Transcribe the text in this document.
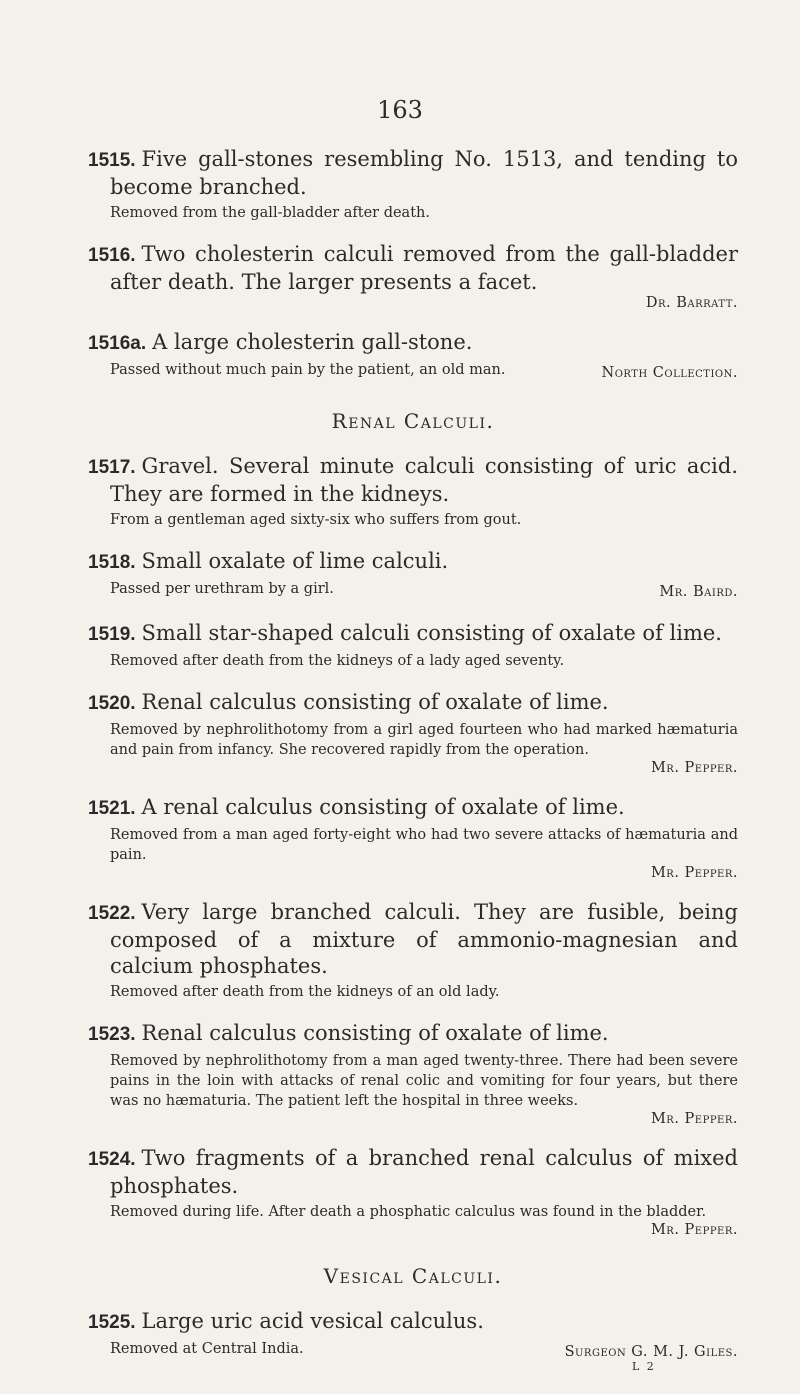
163
1515. Five gall-stones resembling No. 1513, and tending to become branched.
Removed from the gall-bladder after death.
1516. Two cholesterin calculi removed from the gall-bladder after death. The larger presents a facet.
Dr. Barratt.
1516a. A large cholesterin gall-stone.
North Collection.
Passed without much pain by the patient, an old man.
Renal Calculi.
1517. Gravel. Several minute calculi consisting of uric acid. They are formed in the kidneys.
From a gentleman aged sixty-six who suffers from gout.
1518. Small oxalate of lime calculi.
Mr. Baird.
Passed per urethram by a girl.
1519. Small star-shaped calculi consisting of oxalate of lime.
Removed after death from the kidneys of a lady aged seventy.
1520. Renal calculus consisting of oxalate of lime.
Removed by nephrolithotomy from a girl aged fourteen who had marked hæmaturia and pain from infancy. She recovered rapidly from the operation.
Mr. Pepper.
1521. A renal calculus consisting of oxalate of lime.
Removed from a man aged forty-eight who had two severe attacks of hæmaturia and pain.
Mr. Pepper.
1522. Very large branched calculi. They are fusible, being composed of a mixture of ammonio-magnesian and calcium phosphates.
Removed after death from the kidneys of an old lady.
1523. Renal calculus consisting of oxalate of lime.
Removed by nephrolithotomy from a man aged twenty-three. There had been severe pains in the loin with attacks of renal colic and vomiting for four years, but there was no hæmaturia. The patient left the hospital in three weeks.
Mr. Pepper.
1524. Two fragments of a branched renal calculus of mixed phosphates.
Removed during life. After death a phosphatic calculus was found in the bladder.
Mr. Pepper.
Vesical Calculi.
1525. Large uric acid vesical calculus.
Surgeon G. M. J. Giles.
Removed at Central India.
L 2
